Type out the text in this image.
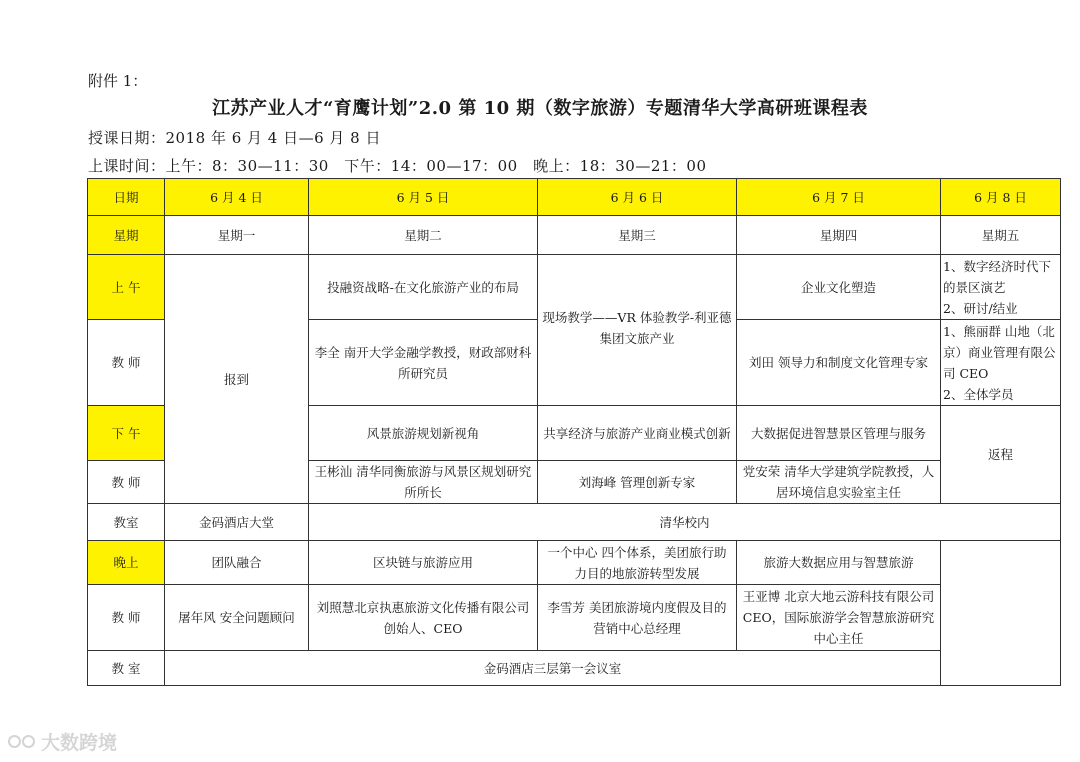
附件 1：
江苏产业人才“育鹰计划”2.0 第 10 期（数字旅游）专题清华大学高研班课程表
授课日期：2018 年 6 月 4 日—6 月 8 日
上课时间：上午：8：30—11：30　下午：14：00—17：00　晚上：18：30—21：00
日期	6 月 4 日	6 月 5 日	6 月 6 日	6 月 7 日	6 月 8 日
星期	星期一	星期二	星期三	星期四	星期五
上 午	报到	投融资战略-在文化旅游产业的布局	现场教学——VR 体验教学-利亚德集团文旅产业	企业文化塑造	1、数字经济时代下的景区演艺
2、研讨/结业
教 师		李全 南开大学金融学教授，财政部财科所研究员		刘田 领导力和制度文化管理专家	1、熊丽群 山地（北京）商业管理有限公司 CEO
2、全体学员
下 午		风景旅游规划新视角	共享经济与旅游产业商业模式创新	大数据促进智慧景区管理与服务	返程
教 师		王彬汕 清华同衡旅游与风景区规划研究所所长	刘海峰 管理创新专家	党安荣 清华大学建筑学院教授，人居环境信息实验室主任	
教室	金码酒店大堂	清华校内			
晚上	团队融合	区块链与旅游应用	一个中心 四个体系，美团旅行助力目的地旅游转型发展	旅游大数据应用与智慧旅游	
教 师	屠年风 安全问题顾问	刘照慧北京执惠旅游文化传播有限公司创始人、CEO	李雪芳 美团旅游境内度假及目的营销中心总经理	王亚博 北京大地云游科技有限公司 CEO，国际旅游学会智慧旅游研究中心主任	
教 室	金码酒店三层第一会议室				
大数跨境
